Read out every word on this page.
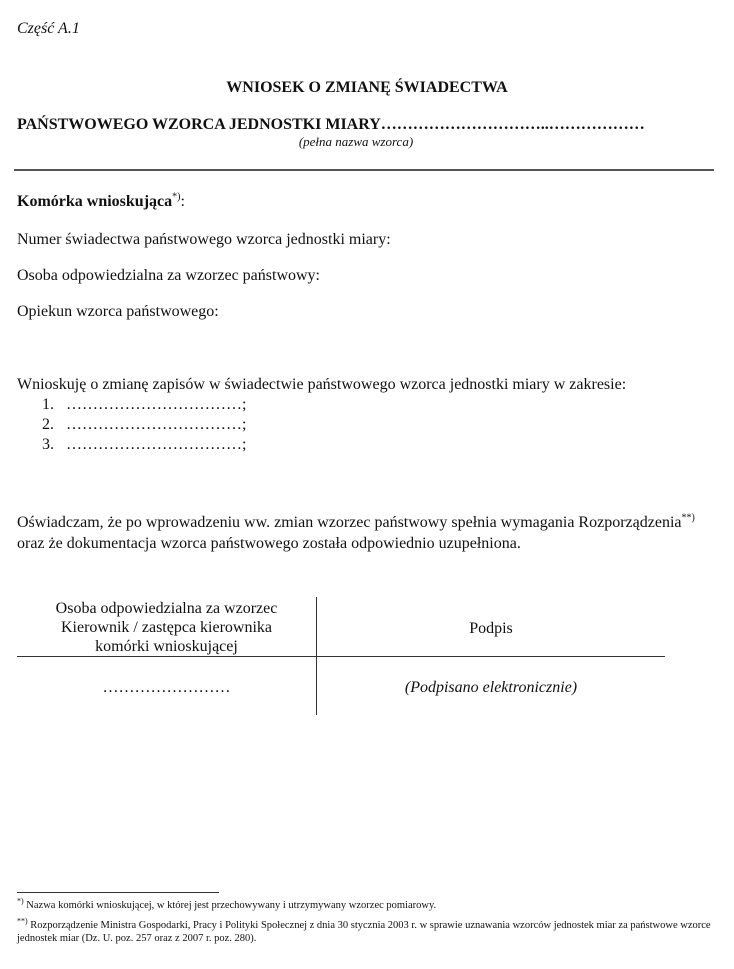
Część A.1
WNIOSEK O ZMIANĘ ŚWIADECTWA
PAŃSTWOWEGO WZORCA JEDNOSTKI MIARY…………………………..………………
(pełna nazwa wzorca)
Komórka wnioskująca*):
Numer świadectwa państwowego wzorca jednostki miary:
Osoba odpowiedzialna za wzorzec państwowy:
Opiekun wzorca państwowego:
Wnioskuję o zmianę zapisów w świadectwie państwowego wzorca jednostki miary w zakresie:
1. ……………………………;
2. ……………………………;
3. ……………………………;
Oświadczam, że po wprowadzeniu ww. zmian wzorzec państwowy spełnia wymagania Rozporządzenia**) oraz że dokumentacja wzorca państwowego została odpowiednio uzupełniona.
Osoba odpowiedzialna za wzorzec
Kierownik / zastępca kierownika
komórki wnioskującej
Podpis
……………………	(Podpisano elektronicznie)
*) Nazwa komórki wnioskującej, w której jest przechowywany i utrzymywany wzorzec pomiarowy.
**) Rozporządzenie Ministra Gospodarki, Pracy i Polityki Społecznej z dnia 30 stycznia 2003 r. w sprawie uznawania wzorców jednostek miar za państwowe wzorce jednostek miar (Dz. U. poz. 257 oraz z 2007 r. poz. 280).
